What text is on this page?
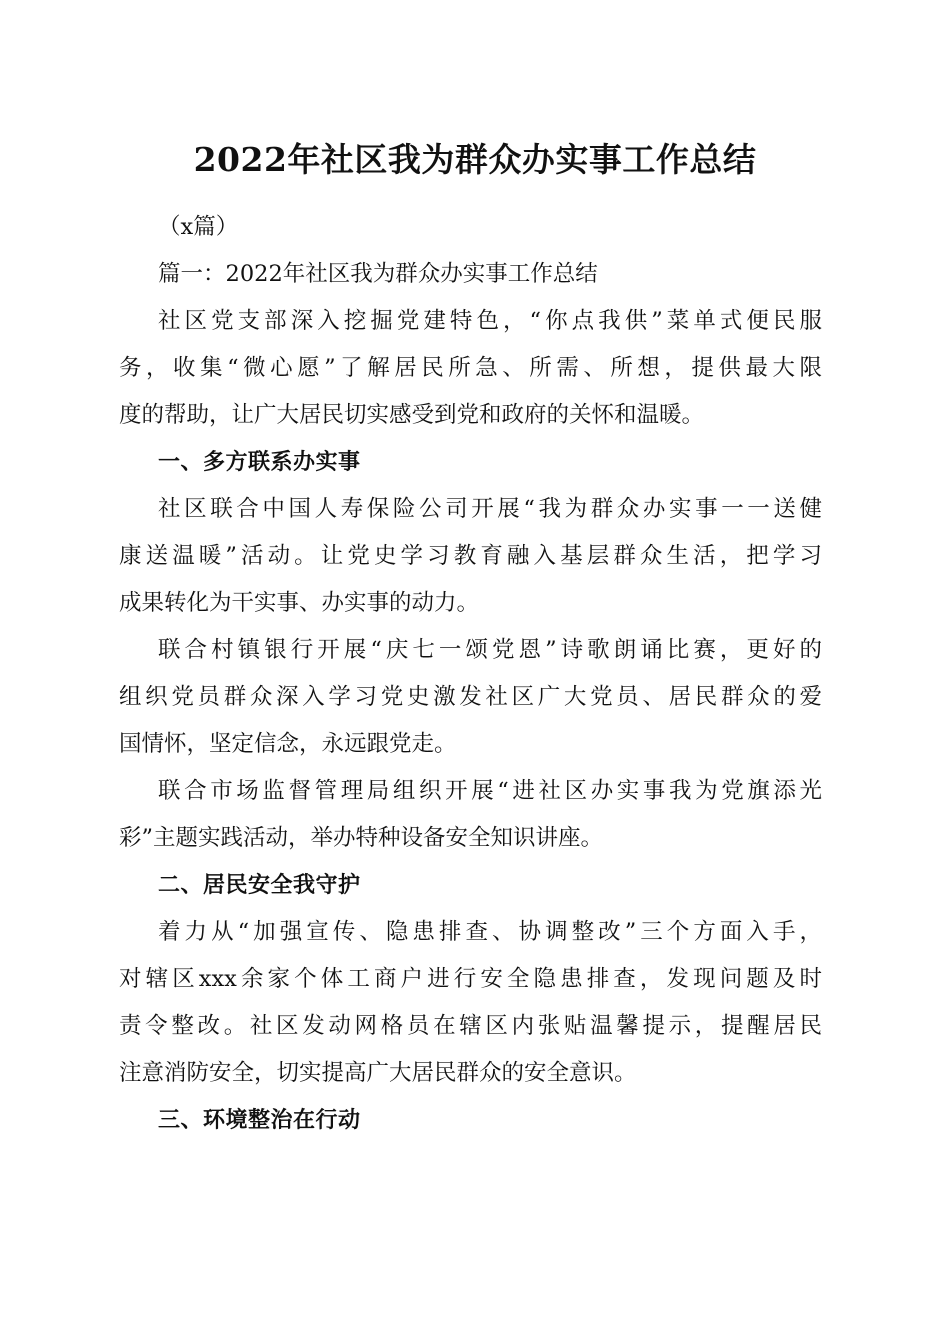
2022年社区我为群众办实事工作总结
（x篇）
篇一：2022年社区我为群众办实事工作总结
社区党支部深入挖掘党建特色，“你点我供”菜单式便民服
务，收集“微心愿”了解居民所急、所需、所想，提供最大限
度的帮助，让广大居民切实感受到党和政府的关怀和温暖。
一、多方联系办实事
社区联合中国人寿保险公司开展“我为群众办实事一一送健
康送温暖”活动。让党史学习教育融入基层群众生活，把学习
成果转化为干实事、办实事的动力。
联合村镇银行开展“庆七一颂党恩”诗歌朗诵比赛，更好的
组织党员群众深入学习党史激发社区广大党员、居民群众的爱
国情怀，坚定信念，永远跟党走。
联合市场监督管理局组织开展“进社区办实事我为党旗添光
彩”主题实践活动，举办特种设备安全知识讲座。
二、居民安全我守护
着力从“加强宣传、隐患排查、协调整改”三个方面入手，
对辖区xxx余家个体工商户进行安全隐患排查，发现问题及时
责令整改。社区发动网格员在辖区内张贴温馨提示，提醒居民
注意消防安全，切实提高广大居民群众的安全意识。
三、环境整治在行动
